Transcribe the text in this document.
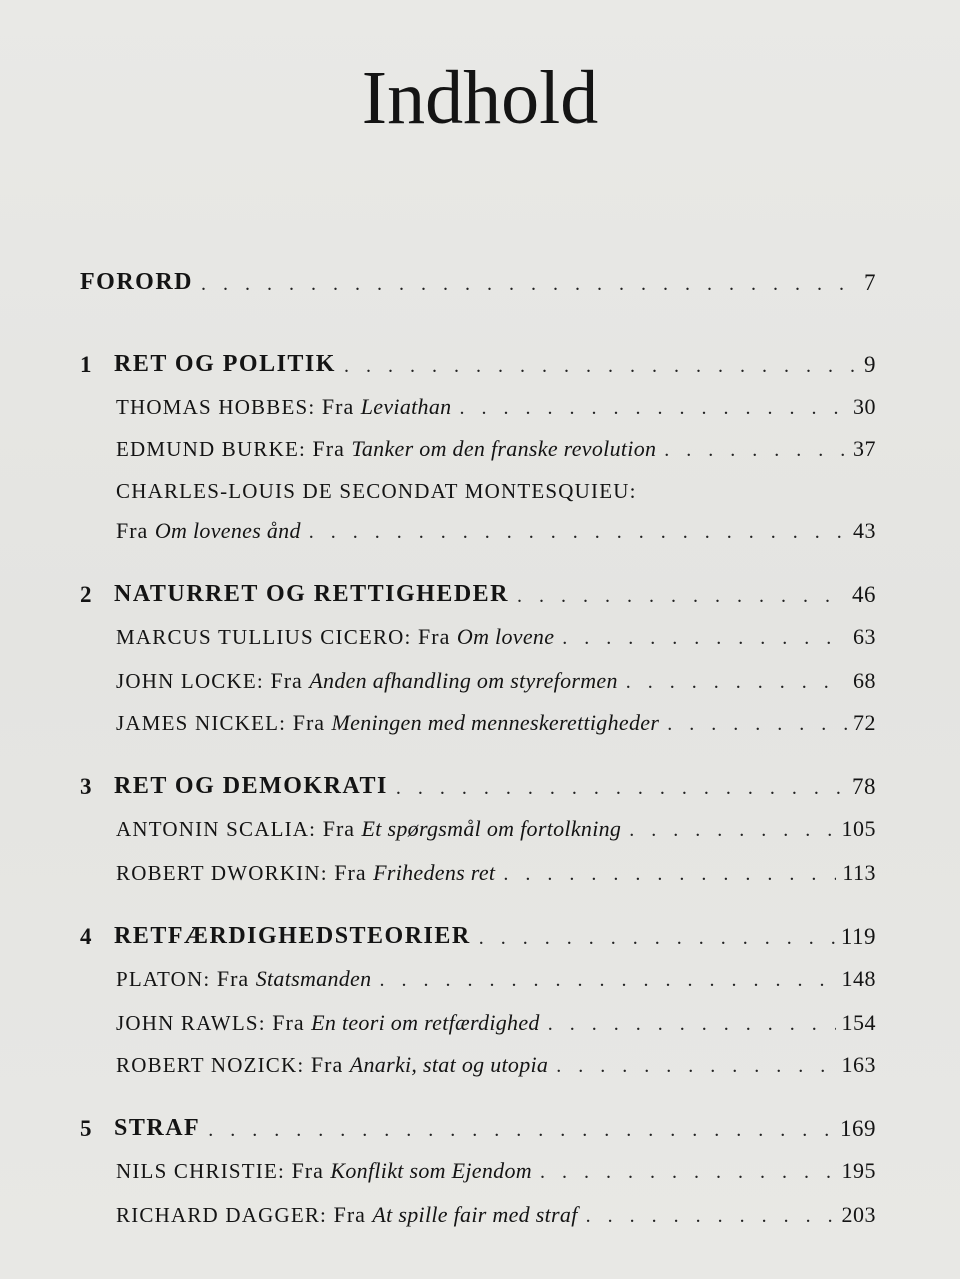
Indhold
FORORD . . .	7
1 RET OG POLITIK . . .	9
THOMAS HOBBES: Fra Leviathan . . .	30
EDMUND BURKE: Fra Tanker om den franske revolution . . .	37
CHARLES-LOUIS DE SECONDAT MONTESQUIEU:
Fra Om lovenes ånd . . .	43
2 NATURRET OG RETTIGHEDER . . .	46
MARCUS TULLIUS CICERO: Fra Om lovene . . .	63
JOHN LOCKE: Fra Anden afhandling om styreformen . . .	68
JAMES NICKEL: Fra Meningen med menneskerettigheder . . .	72
3 RET OG DEMOKRATI . . .	78
ANTONIN SCALIA: Fra Et spørgsmål om fortolkning . . .	105
ROBERT DWORKIN: Fra Frihedens ret . . .	113
4 RETFÆRDIGHEDSTEORIER . . .	119
PLATON: Fra Statsmanden . . .	148
JOHN RAWLS: Fra En teori om retfærdighed . . .	154
ROBERT NOZICK: Fra Anarki, stat og utopia . . .	163
5 STRAF . . .	169
NILS CHRISTIE: Fra Konflikt som Ejendom . . .	195
RICHARD DAGGER: Fra At spille fair med straf . . .	203
